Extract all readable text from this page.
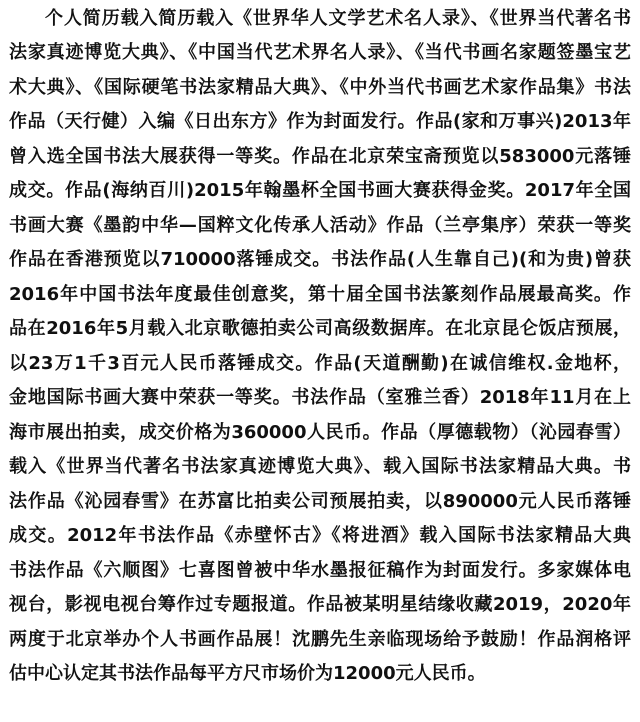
个人简历载入简历载入《世界华人文学艺术名人录》、《世界当代著名书

法家真迹博览大典》、《中国当代艺术界名人录》、《当代书画名家题签墨宝艺

术大典》、《国际硬笔书法家精品大典》、《中外当代书画艺术家作品集》书法

作品（天行健）入编《日出东方》作为封面发行。作品(家和万事兴)2013年

曾入选全国书法大展获得一等奖。作品在北京荣宝斋预览以583000元落锤

成交。作品(海纳百川)2015年翰墨杯全国书画大赛获得金奖。2017年全国

书画大赛《墨韵中华—国粹文化传承人活动》作品（兰亭集序）荣获一等奖

作品在香港预览以710000落锤成交。书法作品(人生靠自己)(和为贵)曾获

2016年中国书法年度最佳创意奖，第十届全国书法篆刻作品展最高奖。作

品在2016年5月载入北京歌德拍卖公司高级数据库。在北京昆仑饭店预展，

以23万1千3百元人民币落锤成交。作品(天道酬勤)在诚信维权.金地杯，

金地国际书画大赛中荣获一等奖。书法作品（室雅兰香）2018年11月在上

海市展出拍卖，成交价格为360000人民币。作品（厚德载物）（沁园春雪）

载入《世界当代著名书法家真迹博览大典》、载入国际书法家精品大典。书

法作品《沁园春雪》在苏富比拍卖公司预展拍卖，以890000元人民币落锤

成交。2012年书法作品《赤壁怀古》《将进酒》载入国际书法家精品大典

书法作品《六顺图》七喜图曾被中华水墨报征稿作为封面发行。多家媒体电

视台，影视电视台筹作过专题报道。作品被某明星结缘收藏2019，2020年

两度于北京举办个人书画作品展！沈鹏先生亲临现场给予鼓励！作品润格评

估中心认定其书法作品每平方尺市场价为12000元人民币。
